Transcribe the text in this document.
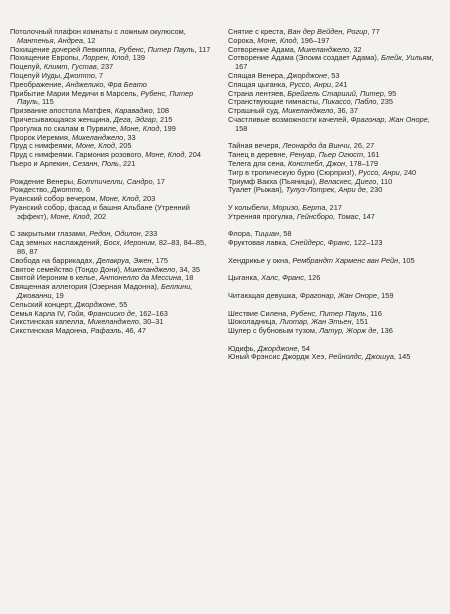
Потолочный плафон комнаты с ложным окулюсом, Мантенья, Андреа, 12
Похищение дочерей Левкиппа, Рубенс, Питер Пауль, 117
Похищение Европы, Лоррен, Клод, 139
Поцелуй, Климт, Густав, 237
Поцелуй Иуды, Джотто, 7
Преображение, Анджелико, Фра Беато
Прибытие Марии Медичи в Марсель, Рубенс, Питер Пауль, 115
Призвание апостола Матфея, Караваджо, 108
Причесывающаяся женщина, Дега, Эдгар, 215
Прогулка по скалам в Пурвиле, Моне, Клод, 199
Пророк Иеремия, Микеланджело, 33
Пруд с нимфеями, Моне, Клод, 205
Пруд с нимфеями. Гармония розового, Моне, Клод, 204
Пьеро и Арлекин, Сезанн, Поль, 221
Рождение Венеры, Боттичелли, Сандро, 17
Рождество, Джотто, 6
Руанский собор вечером, Моне, Клод, 203
Руанский собор, фасад и башня Альбане (Утренний эффект), Моне, Клод, 202
С закрытыми глазами, Редон, Одилон, 233
Сад земных наслаждений, Босх, Иероним, 82–83, 84–85, 86, 87
Свобода на баррикадах, Делакруа, Эжен, 175
Святое семейство (Тондо Дони), Микеланджело, 34, 35
Святой Иероним в келье, Антонелло да Мессина, 18
Священная аллегория (Озерная Мадонна), Беллини, Джованни, 19
Сельский концерт, Джорджоне, 55
Семья Карла IV, Гойя, Франсиско де, 162–163
Сикстинская капелла, Микеланджело, 30–31
Сикстинская Мадонна, Рафаэль, 46, 47
Снятие с креста, Ван дер Вейден, Рогир, 77
Сорока, Моне, Клод, 196–197
Сотворение Адама, Микеланджело, 32
Сотворение Адама (Элоим создает Адама), Блейк, Уильям, 167
Спящая Венера, Джорджоне, 53
Спящая цыганка, Руссо, Анри, 241
Страна лентяев, Брейгель Старший, Питер, 95
Странствующие гимнасты, Пикассо, Пабло, 235
Страшный суд, Микеланджело, 36, 37
Счастливые возможности качелей, Фрагонар, Жан Оноре, 158
Тайная вечеря, Леонардо да Винчи, 26, 27
Танец в деревне, Ренуар, Пьер Огюст, 161
Телега для сена, Констебл, Джон, 178–179
Тигр в тропическую бурю (Сюрприз!), Руссо, Анри, 240
Триумф Вакха (Пьяницы), Веласкес, Диего, 110
Туалет (Рыжая), Тулуз-Лотрек, Анри де, 230
У колыбели, Моризо, Берта, 217
Утренняя прогулка, Гейнсборо, Томас, 147
Флора, Тициан, 58
Фруктовая лавка, Снейдерс, Франс, 122–123
Хендрикье у окна, Рембрандт Харменс ван Рейн, 105
Цыганка, Халс, Франс, 126
Читающая девушка, Фрагонар, Жан Оноре, 159
Шествие Силена, Рубенс, Питер Пауль, 116
Шоколадница, Лиотар, Жан Этьен, 151
Шулер с бубновым тузом, Латур, Жорж де, 136
Юдифь, Джорджоне, 54
Юный Фрэнсис Джордж Хеэ, Рейнолдс, Джошуа, 145
